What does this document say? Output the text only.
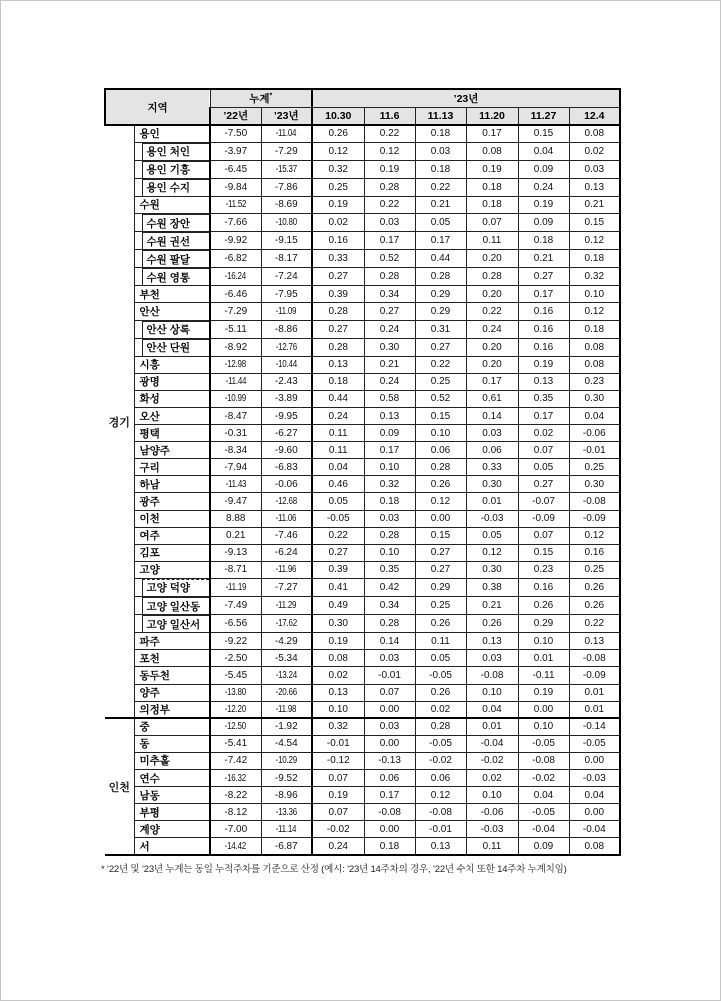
지역		누계*		’23년					
		’22년	’23년	10.30	11.6	11.13	11.20	11.27	12.4
경기	용인	-7.50	-11.04	0.26	0.22	0.18	0.17	0.15	0.08

용인 처인	-3.97	-7.29	0.12	0.12	0.03	0.08	0.04	0.02

용인 기흥	-6.45	-15.37	0.32	0.19	0.18	0.19	0.09	0.03

용인 수지	-9.84	-7.86	0.25	0.28	0.22	0.18	0.24	0.13
	수원	-11.52	-8.69	0.19	0.22	0.21	0.18	0.19	0.21

수원 장안	-7.66	-10.80	0.02	0.03	0.05	0.07	0.09	0.15

수원 권선	-9.92	-9.15	0.16	0.17	0.17	0.11	0.18	0.12

수원 팔달	-6.82	-8.17	0.33	0.52	0.44	0.20	0.21	0.18

수원 영통	-16.24	-7.24	0.27	0.28	0.28	0.28	0.27	0.32
	부천	-6.46	-7.95	0.39	0.34	0.29	0.20	0.17	0.10
	안산	-7.29	-11.09	0.28	0.27	0.29	0.22	0.16	0.12

안산 상록	-5.11	-8.86	0.27	0.24	0.31	0.24	0.16	0.18

안산 단원	-8.92	-12.76	0.28	0.30	0.27	0.20	0.16	0.08
	시흥	-12.98	-10.44	0.13	0.21	0.22	0.20	0.19	0.08
	광명	-11.44	-2.43	0.18	0.24	0.25	0.17	0.13	0.23
	화성	-10.99	-3.89	0.44	0.58	0.52	0.61	0.35	0.30
	오산	-8.47	-9.95	0.24	0.13	0.15	0.14	0.17	0.04
	평택	-0.31	-6.27	0.11	0.09	0.10	0.03	0.02	-0.06
	남양주	-8.34	-9.60	0.11	0.17	0.06	0.06	0.07	-0.01
	구리	-7.94	-6.83	0.04	0.10	0.28	0.33	0.05	0.25
	하남	-11.43	-0.06	0.46	0.32	0.26	0.30	0.27	0.30
	광주	-9.47	-12.68	0.05	0.18	0.12	0.01	-0.07	-0.08
	이천	8.88	-11.06	-0.05	0.03	0.00	-0.03	-0.09	-0.09
	여주	0.21	-7.46	0.22	0.28	0.15	0.05	0.07	0.12
	김포	-9.13	-6.24	0.27	0.10	0.27	0.12	0.15	0.16
	고양	-8.71	-11.96	0.39	0.35	0.27	0.30	0.23	0.25

고양 덕양	-11.19	-7.27	0.41	0.42	0.29	0.38	0.16	0.26

고양 일산동	-7.49	-11.29	0.49	0.34	0.25	0.21	0.26	0.26

고양 일산서	-6.56	-17.62	0.30	0.28	0.26	0.26	0.29	0.22
	파주	-9.22	-4.29	0.19	0.14	0.11	0.13	0.10	0.13
	포천	-2.50	-5.34	0.08	0.03	0.05	0.03	0.01	-0.08
	동두천	-5.45	-13.24	0.02	-0.01	-0.05	-0.08	-0.11	-0.09
	양주	-13.80	-20.66	0.13	0.07	0.26	0.10	0.19	0.01
	의정부	-12.20	-11.98	0.10	0.00	0.02	0.04	0.00	0.01
인천	중	-12.50	-1.92	0.32	0.03	0.28	0.01	0.10	-0.14
	동	-5.41	-4.54	-0.01	0.00	-0.05	-0.04	-0.05	-0.05
	미추홀	-7.42	-10.29	-0.12	-0.13	-0.02	-0.02	-0.08	0.00
	연수	-16.32	-9.52	0.07	0.06	0.06	0.02	-0.02	-0.03
	남동	-8.22	-8.96	0.19	0.17	0.12	0.10	0.04	0.04
	부평	-8.12	-13.36	0.07	-0.08	-0.08	-0.06	-0.05	0.00
	계양	-7.00	-11.14	-0.02	0.00	-0.01	-0.03	-0.04	-0.04
	서	-14.42	-6.87	0.24	0.18	0.13	0.11	0.09	0.08
* ’22년 및 ’23년 누계는 동일 누적주차를 기준으로 산정 (예시: ’23년 14주차의 경우, ’22년 수치 또한 14주차 누계치임)
